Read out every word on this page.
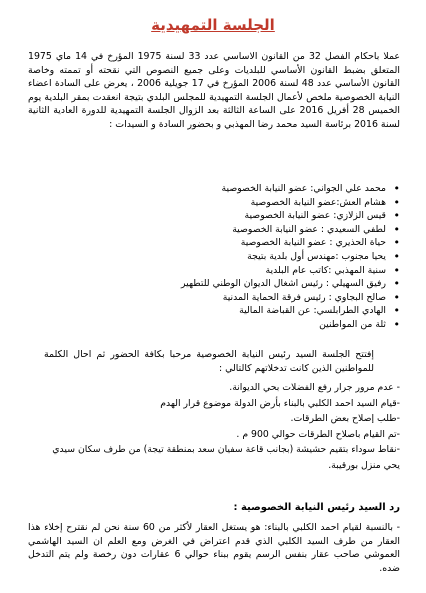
الجلسة التمهيدية
عملا باحكام الفصل 32 من القانون الاساسي عدد 33 لسنة 1975 المؤرخ في 14 ماي 1975 المتعلق بضبط القانون الأساسي للبلديات وعلى جميع النصوص التي نقحته أو تممته وخاصة القانون الأساسي عدد 48 لسنة 2006 المؤرخ في 17 جويلية 2006 ، يعرض على السادة اعضاء النيابة الخصوصية ملخص لأعمال الجلسة التمهيدية للمجلس البلدي بتيجة انعقدت بمقر البلدية يوم الخميس 28 أفريل 2016 على الساعة الثالثة بعد الزوال الجلسة التمهيدية للدورة العادية الثانية لسنة 2016 برئاسة السيد محمد رضا المهذبي و بحضور السادة و السيدات :
• محمد علي الجواني: عضو النيابة الخصوصية
• هشام العش:عضو النيابة الخصوصية
• قيس الزلازي: عضو النيابة الخصوصية
• لطفي السعيدي : عضو النيابة الخصوصية
• حياة الحذيري : عضو النيابة الخصوصية
• يحيا مجنوب :مهندس أول بلدية بتيجة
• سنية المهذبي :كاتب عام البلدية
• رفيق السهيلي : رئيس اشغال الديوان الوطني للتطهير
• صالح البجاوي : رئيس فرقة الحماية المدنية
• الهادي الطرابلسي: عن القباضة المالية
• ثلة من المواطنين
إفتتح الجلسة السيد رئيس النيابة الخصوصية مرحبا بكافة الحضور ثم احال الكلمة للمواطنين الذين كانت تدخلاتهم كالتالي :
- عدم مرور جرار رفع الفضلات بحي الديوانة.
-قيام السيد احمد الكلبي بالبناء بأرض الدولة موضوع قرار الهدم
-طلب إصلاح بعض الطرقات.
-تم القيام باصلاح الطرقات حوالي 900 م .
-نقاط سوداء بتقيم حشيشة (بجانب قاعة سفيان سعد بمنطقة تيجة) من طرف سكان سيدي
يحي منزل بورقيبة.
رد السيد رئيس النيابة الخصوصية :
- بالنسبة لقيام احمد الكلبي بالبناء: هو يستغل العقار لأكثر من 60 سنة نحن لم نقترح إخلاء هذا العقار من طرف السيد الكلبي الذي قدم اعتراض في الغرض ومع العلم ان السيد الهاشمي العموشي صاحب عقار بنفس الرسم يقوم ببناء حوالي 6 عقارات دون رخصة ولم يتم التدخل ضده.
